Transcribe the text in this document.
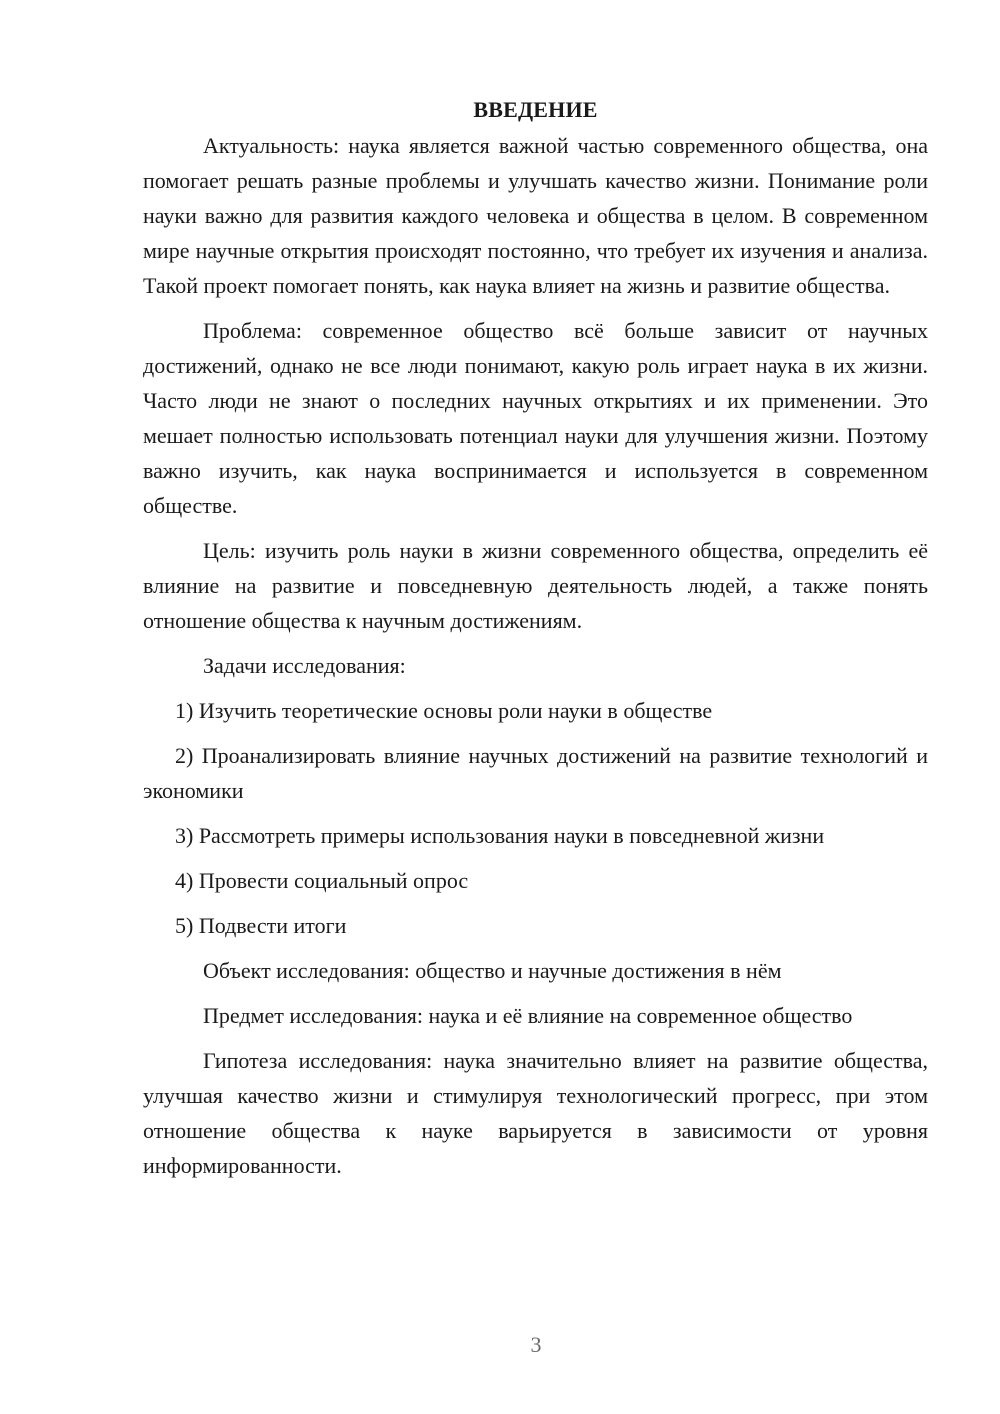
ВВЕДЕНИЕ

Актуальность: наука является важной частью современного общества, она помогает решать разные проблемы и улучшать качество жизни. Понимание роли науки важно для развития каждого человека и общества в целом. В современном мире научные открытия происходят постоянно, что требует их изучения и анализа. Такой проект помогает понять, как наука влияет на жизнь и развитие общества.

Проблема: современное общество всё больше зависит от научных достижений, однако не все люди понимают, какую роль играет наука в их жизни. Часто люди не знают о последних научных открытиях и их применении. Это мешает полностью использовать потенциал науки для улучшения жизни. Поэтому важно изучить, как наука воспринимается и используется в современном обществе.

Цель: изучить роль науки в жизни современного общества, определить её влияние на развитие и повседневную деятельность людей, а также понять отношение общества к научным достижениям.

Задачи исследования:

1) Изучить теоретические основы роли науки в обществе

2) Проанализировать влияние научных достижений на развитие технологий и экономики

3) Рассмотреть примеры использования науки в повседневной жизни

4) Провести социальный опрос

5) Подвести итоги

Объект исследования: общество и научные достижения в нём

Предмет исследования: наука и её влияние на современное общество

Гипотеза исследования: наука значительно влияет на развитие общества, улучшая качество жизни и стимулируя технологический прогресс, при этом отношение общества к науке варьируется в зависимости от уровня информированности.

3
